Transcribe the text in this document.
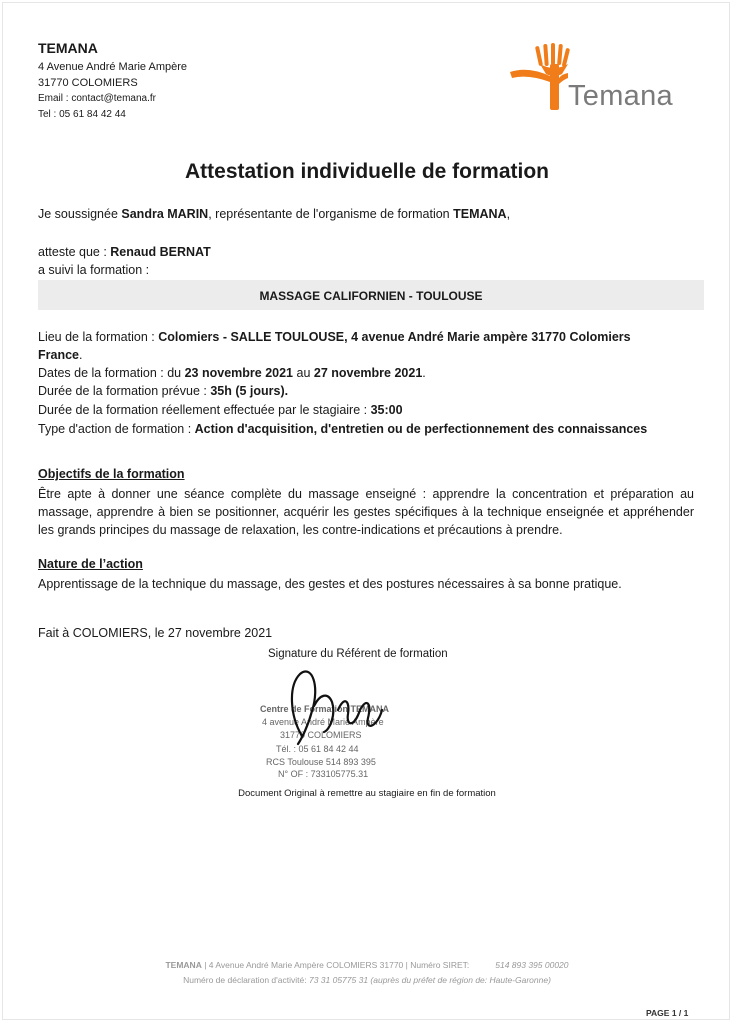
TEMANA
4 Avenue André Marie Ampère
31770 COLOMIERS
Email : contact@temana.fr
Tel : 05 61 84 42 44
Temana
Attestation individuelle de formation
Je soussignée Sandra MARIN, représentante de l'organisme de formation TEMANA,
atteste que : Renaud BERNAT
a suivi la formation :
MASSAGE CALIFORNIEN - TOULOUSE
Lieu de la formation : Colomiers - SALLE TOULOUSE, 4 avenue André Marie ampère 31770 Colomiers
France.
Dates de la formation : du 23 novembre 2021 au 27 novembre 2021.
Durée de la formation prévue : 35h (5 jours).
Durée de la formation réellement effectuée par le stagiaire : 35:00
Type d'action de formation : Action d'acquisition, d'entretien ou de perfectionnement des connaissances
Objectifs de la formation
Être apte à donner une séance complète du massage enseigné : apprendre la concentration et préparation au massage, apprendre à bien se positionner, acquérir les gestes spécifiques à la technique enseignée et appréhender les grands principes du massage de relaxation, les contre-indications et précautions à prendre.
Nature de l’action
Apprentissage de la technique du massage, des gestes et des postures nécessaires à sa bonne pratique.
Fait à COLOMIERS, le 27 novembre 2021
Signature du Référent de formation
Centre de Formation TEMANA
4 avenue André Marie Ampère
31770 COLOMIERS
Tél. : 05 61 84 42 44
RCS Toulouse 514 893 395
N° OF : 733105775.31
Document Original à remettre au stagiaire en fin de formation
TEMANA | 4 Avenue André Marie Ampère COLOMIERS 31770 | Numéro SIRET:	514 893 395 00020
Numéro de déclaration d'activité: 73 31 05775 31 (auprès du préfet de région de: Haute-Garonne)
PAGE 1 / 1
